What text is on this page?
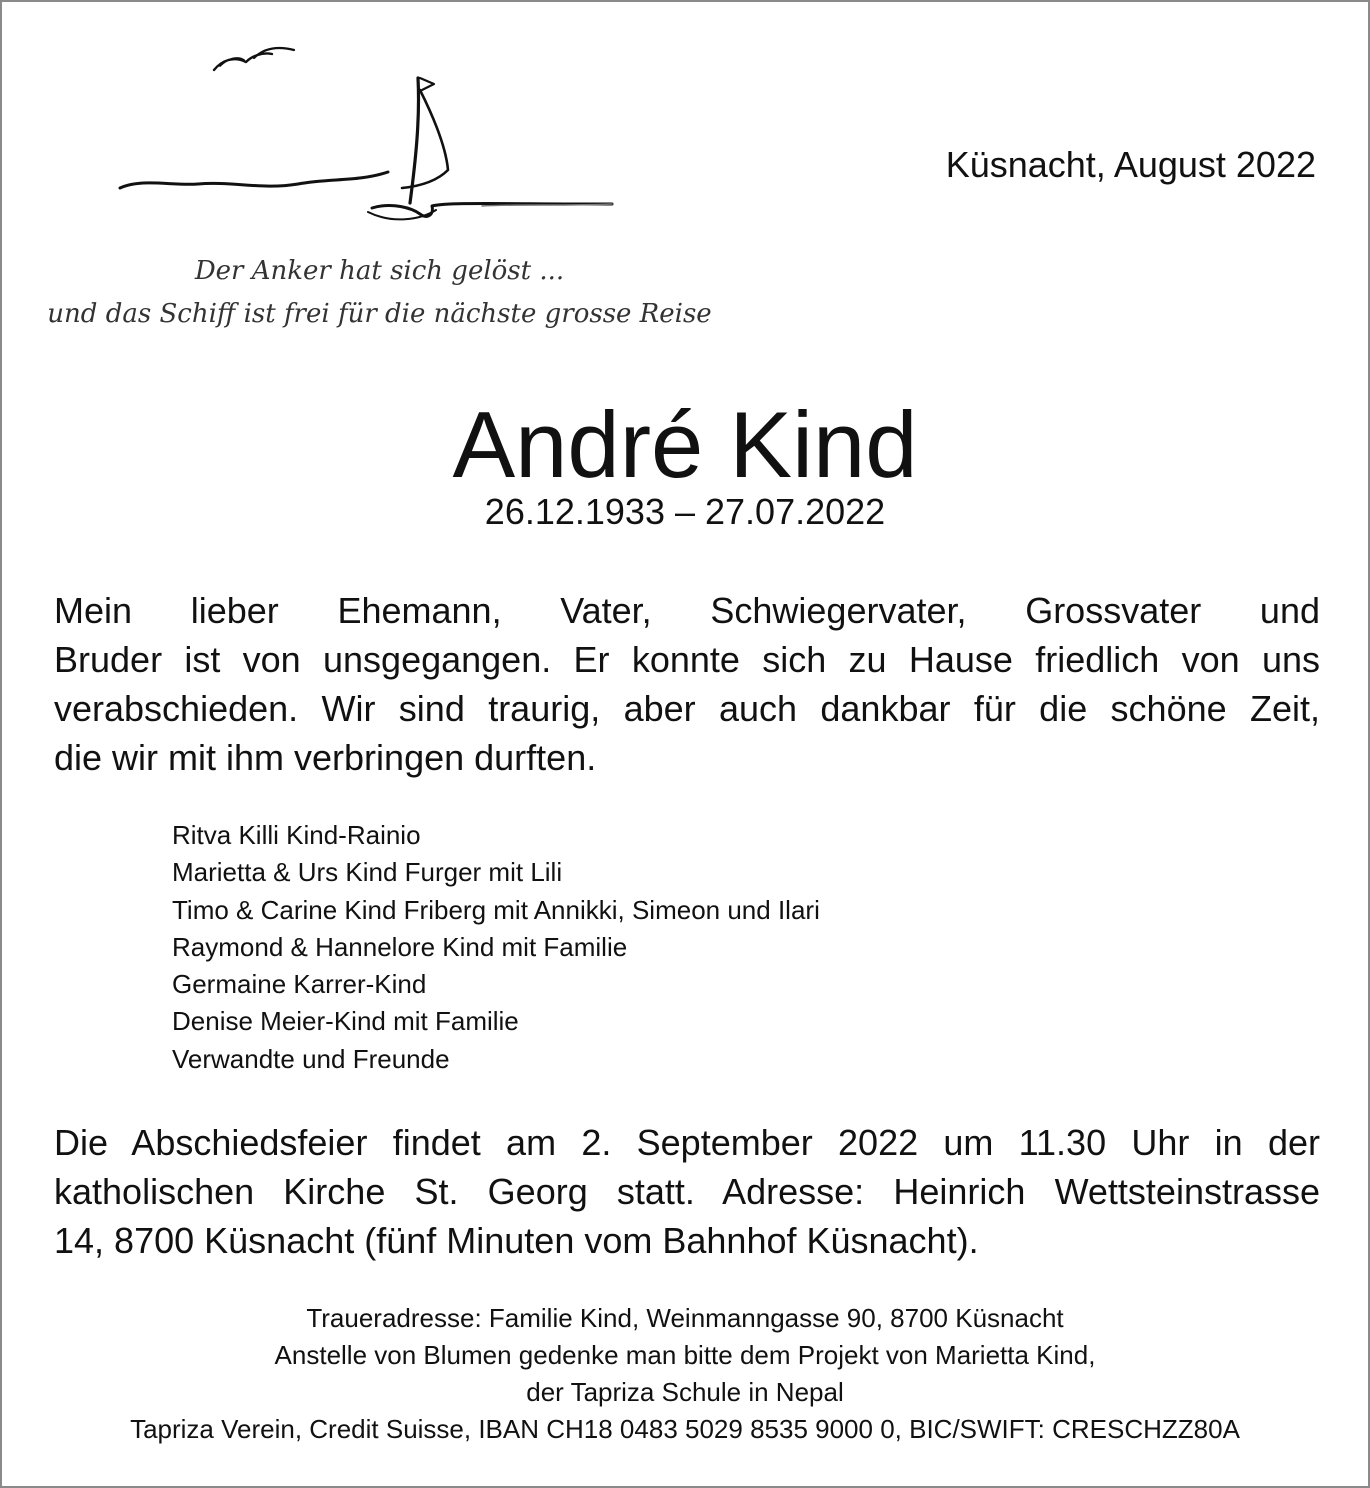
Küsnacht, August 2022
Der Anker hat sich gelöst ...
und das Schiff ist frei für die nächste grosse Reise
André Kind
26.12.1933 – 27.07.2022
Mein lieber Ehemann, Vater, Schwiegervater, Grossvater und
Bruder ist von unsgegangen. Er konnte sich zu Hause friedlich von uns
verabschieden. Wir sind traurig, aber auch dankbar für die schöne Zeit,
die wir mit ihm verbringen durften.
Ritva Killi Kind-Rainio
Marietta & Urs Kind Furger mit Lili
Timo & Carine Kind Friberg mit Annikki, Simeon und Ilari
Raymond & Hannelore Kind mit Familie
Germaine Karrer-Kind
Denise Meier-Kind mit Familie
Verwandte und Freunde
Die Abschiedsfeier findet am 2. September 2022 um 11.30 Uhr in der
katholischen Kirche St. Georg statt. Adresse: Heinrich Wettsteinstrasse
14, 8700 Küsnacht (fünf Minuten vom Bahnhof Küsnacht).
Traueradresse: Familie Kind, Weinmanngasse 90, 8700 Küsnacht
Anstelle von Blumen gedenke man bitte dem Projekt von Marietta Kind,
der Tapriza Schule in Nepal
Tapriza Verein, Credit Suisse, IBAN CH18 0483 5029 8535 9000 0, BIC/SWIFT: CRESCHZZ80A
